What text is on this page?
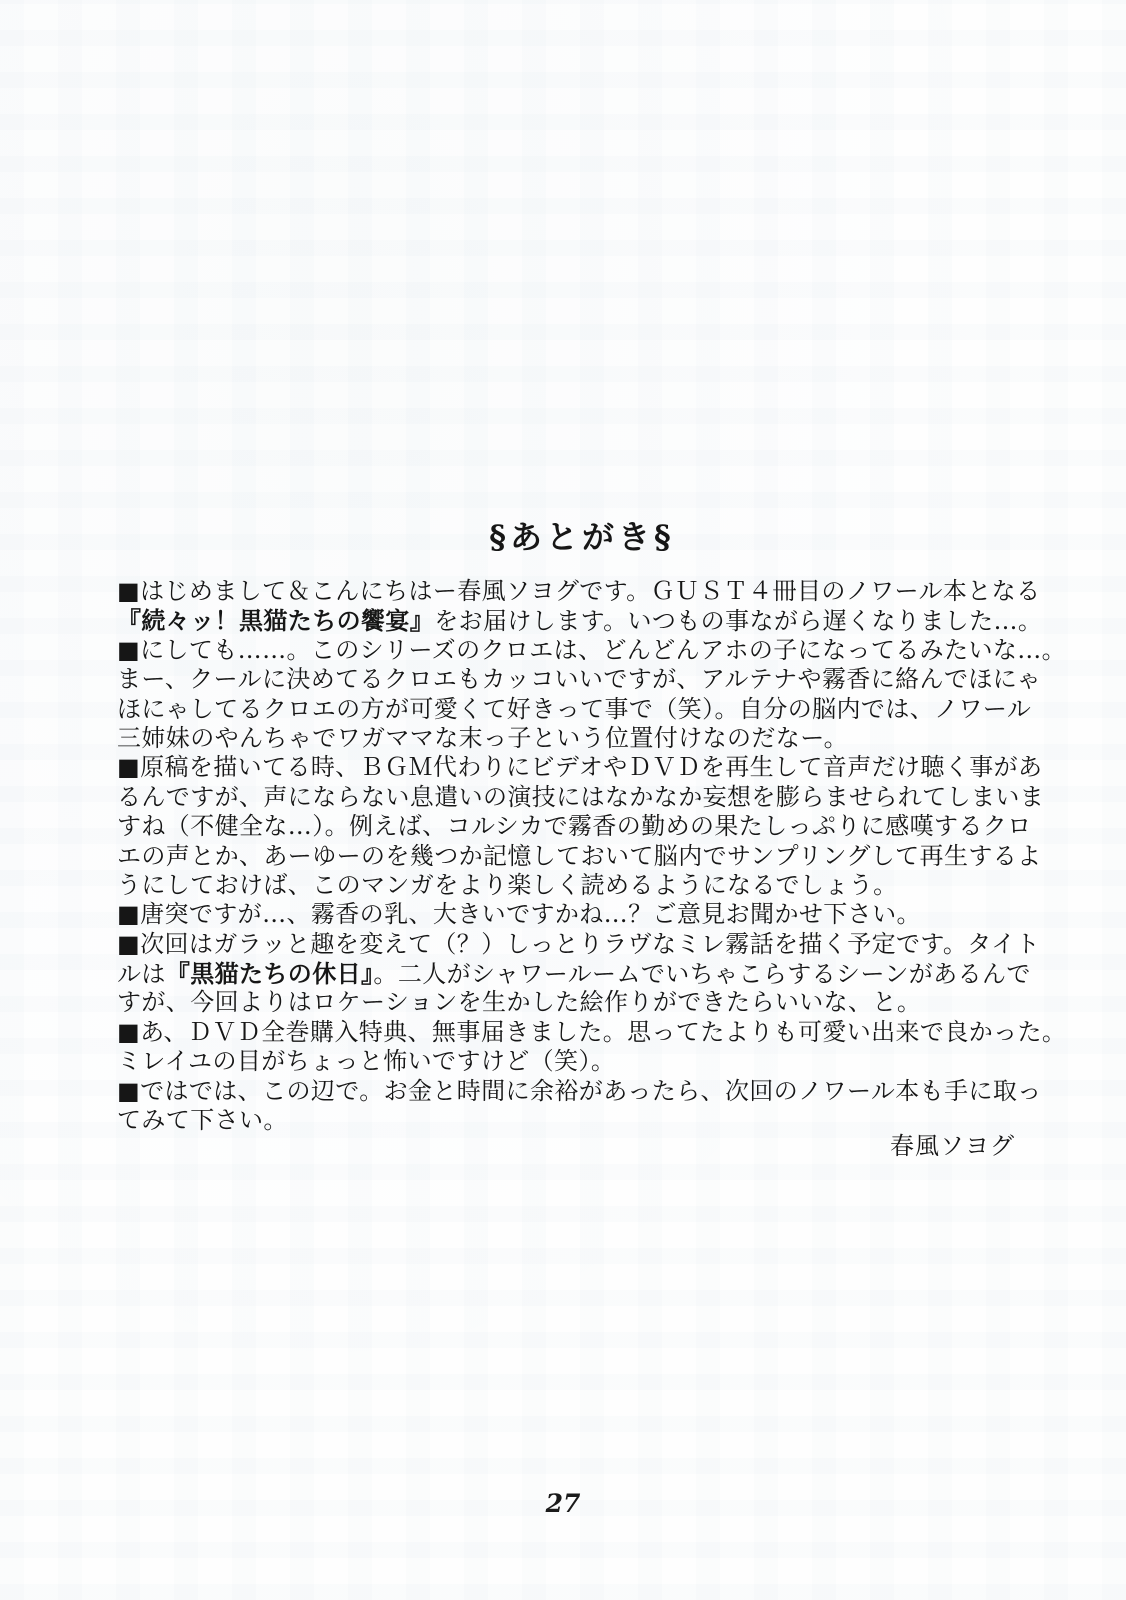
§あとがき§
■はじめまして＆こんにちはー春風ソヨグです。ＧＵＳＴ４冊目のノワール本となる
『続々ッ！黒猫たちの饗宴』をお届けします。いつもの事ながら遅くなりました…。
■にしても……。このシリーズのクロエは、どんどんアホの子になってるみたいな…。
まー、クールに決めてるクロエもカッコいいですが、アルテナや霧香に絡んでほにゃ
ほにゃしてるクロエの方が可愛くて好きって事で（笑）。自分の脳内では、ノワール
三姉妹のやんちゃでワガママな末っ子という位置付けなのだなー。
■原稿を描いてる時、ＢＧＭ代わりにビデオやＤＶＤを再生して音声だけ聴く事があ
るんですが、声にならない息遣いの演技にはなかなか妄想を膨らませられてしまいま
すね（不健全な…）。例えば、コルシカで霧香の勤めの果たしっぷりに感嘆するクロ
エの声とか、あーゆーのを幾つか記憶しておいて脳内でサンプリングして再生するよ
うにしておけば、このマンガをより楽しく読めるようになるでしょう。
■唐突ですが…、霧香の乳、大きいですかね…？ご意見お聞かせ下さい。
■次回はガラッと趣を変えて（？）しっとりラヴなミレ霧話を描く予定です。タイト
ルは『黒猫たちの休日』。二人がシャワールームでいちゃこらするシーンがあるんで
すが、今回よりはロケーションを生かした絵作りができたらいいな、と。
■あ、ＤＶＤ全巻購入特典、無事届きました。思ってたよりも可愛い出来で良かった。
ミレイユの目がちょっと怖いですけど（笑）。
■ではでは、この辺で。お金と時間に余裕があったら、次回のノワール本も手に取っ
てみて下さい。
春風ソヨグ
27
